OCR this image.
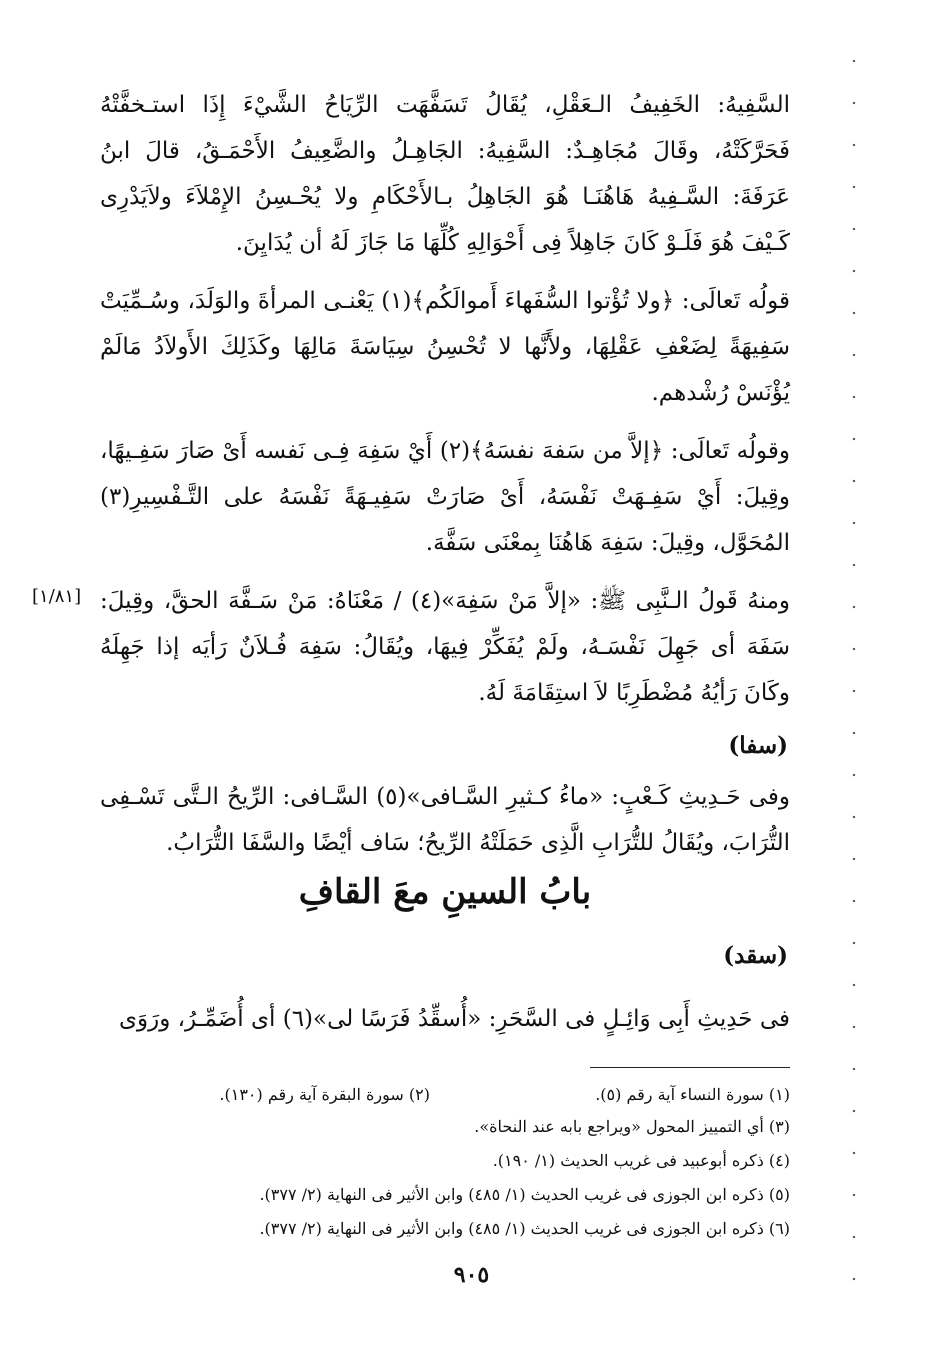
السَّفِيهُ: الخَفِيفُ الـعَقْلِ، يُقَالُ تَسَفَّهَت الرِّيَاحُ الشَّيْءَ إِذَا استـخفَّتْهُ فَحَرَّكَتْهُ، وقَالَ مُجَاهِـدٌ: السَّفِيهُ: الجَاهِـلُ والضَّعِيفُ الأَحْمَـقُ، قالَ ابنُ عَرَفَةَ: السَّـفِيهُ هَاهُنَـا هُوَ الجَاهِلُ بـالأَحْكَامِ ولا يُحْـسِنُ الإِمْلاَءَ ولاَيَدْرِى كَـيْفَ هُوَ فَلَـوْ كَانَ جَاهِلاً فِى أَحْوَالِهِ كُلِّهَا مَا جَازَ لَهُ أن يُدَايِنَ.

قولُه تَعالَى: ﴿ولا تُؤْتوا السُّفَهاءَ أَموالَكُم﴾(١) يَعْنـى المرأةَ والوَلَدَ، وسُـمِّيَتْ سَفِيهَةً لِضَعْفِ عَقْلِهَا، ولأَنَّها لا تُحْسِنُ سِيَاسَةَ مَالِهَا وكَذَلِكَ الأَولاَدُ مَالَمْ يُؤْنَسْ رُشْدهم.

وقولُه تَعالَى: ﴿إلاَّ من سَفهَ نفسَهُ﴾(٢) أَيْ سَفِهَ فِـى نَفسه أَىْ صَارَ سَفِـيهًا، وقِيلَ: أَيْ سَفِـهَتْ نَفْسَهُ، أَىْ صَارَتْ سَفِيـهَةً نَفْسَهُ على التَّـفْسِيرِ(٣) المُحَوَّل، وقِيلَ: سَفِهَ هَاهُنَا بِمعْنَى سَفَّهَ.

ومنهُ قَولُ الـنَّبِى ﷺ: «إلاَّ مَنْ سَفِهَ»(٤) / مَعْنَاهُ: مَنْ سَـفَّهَ الحقَّ، وقِيلَ: سَفَهَ أى جَهِلَ نَفْسَـهُ، ولَمْ يُفَكِّرْ فِيهَا، ويُقَالُ: سَفِهَ فُـلاَنٌ رَأيَه إذا جَهِلَهُ وكَانَ رَأيُهُ مُضْطَرِبًا لاَ استِقَامَةَ لَهُ.

[١/٨١]
(سفا)

وفى حَـدِيثِ كَـعْبٍ: «ماءُ كـثيرِ السَّـافى»(٥) السَّـافى: الرِّيحُ الـتَّى تَسْـفِى التُّرَابَ، ويُقَالُ للتُّرَابِ الَّذِى حَمَلَتْهُ الرِّيحُ؛ سَاف أيْضًا والسَّفَا التُّرَابُ.

بابُ السينِ معَ القافِ
(سقد)

فى حَدِيثِ أَبِى وَائِـلٍ فى السَّحَرِ: «أُسقِّدُ فَرَسًا لى»(٦) أى أُضَمِّـرُ، ورَوَى

(١) سورة النساء آية رقم (٥).
(٢) سورة البقرة آية رقم (١٣٠).
(٣) أي التمييز المحول «ويراجع بابه عند النحاة».
(٤) ذكره أبوعبيد فى غريب الحديث (١/ ١٩٠).
(٥) ذكره ابن الجوزى فى غريب الحديث (١/ ٤٨٥) وابن الأثير فى النهاية (٢/ ٣٧٧).
(٦) ذكره ابن الجوزى فى غريب الحديث (١/ ٤٨٥) وابن الأثير فى النهاية (٢/ ٣٧٧).
٩٠٥
